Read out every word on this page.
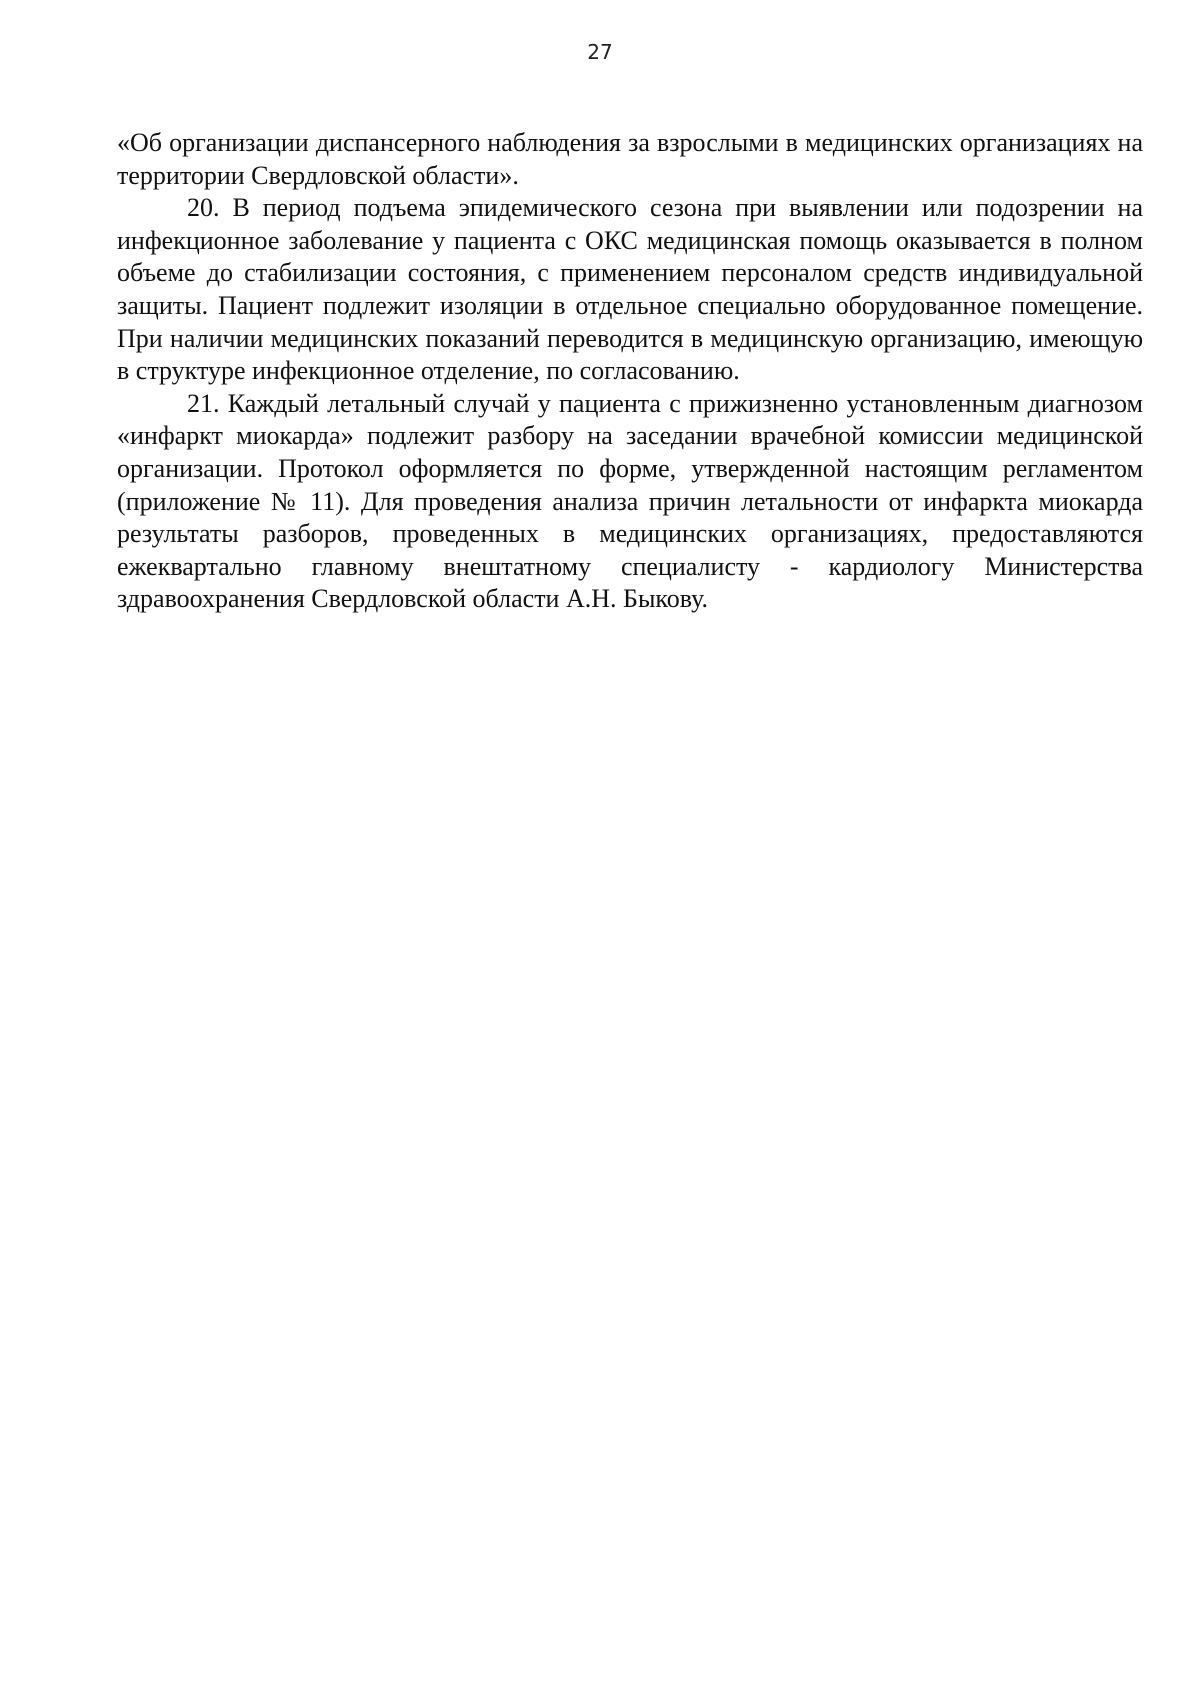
27

«Об организации диспансерного наблюдения за взрослыми в медицинских организациях на территории Свердловской области».

20. В период подъема эпидемического сезона при выявлении или подозрении на инфекционное заболевание у пациента с ОКС медицинская помощь оказывается в полном объеме до стабилизации состояния, с применением персоналом средств индивидуальной защиты. Пациент подлежит изоляции в отдельное специально оборудованное помещение. При наличии медицинских показаний переводится в медицинскую организацию, имеющую в структуре инфекционное отделение, по согласованию.

21. Каждый летальный случай у пациента с прижизненно установленным диагнозом «инфаркт миокарда» подлежит разбору на заседании врачебной комиссии медицинской организации. Протокол оформляется по форме, утвержденной настоящим регламентом (приложение № 11). Для проведения анализа причин летальности от инфаркта миокарда результаты разборов, проведенных в медицинских организациях, предоставляются ежеквартально главному внештатному специалисту - кардиологу Министерства здравоохранения Свердловской области А.Н. Быкову.
